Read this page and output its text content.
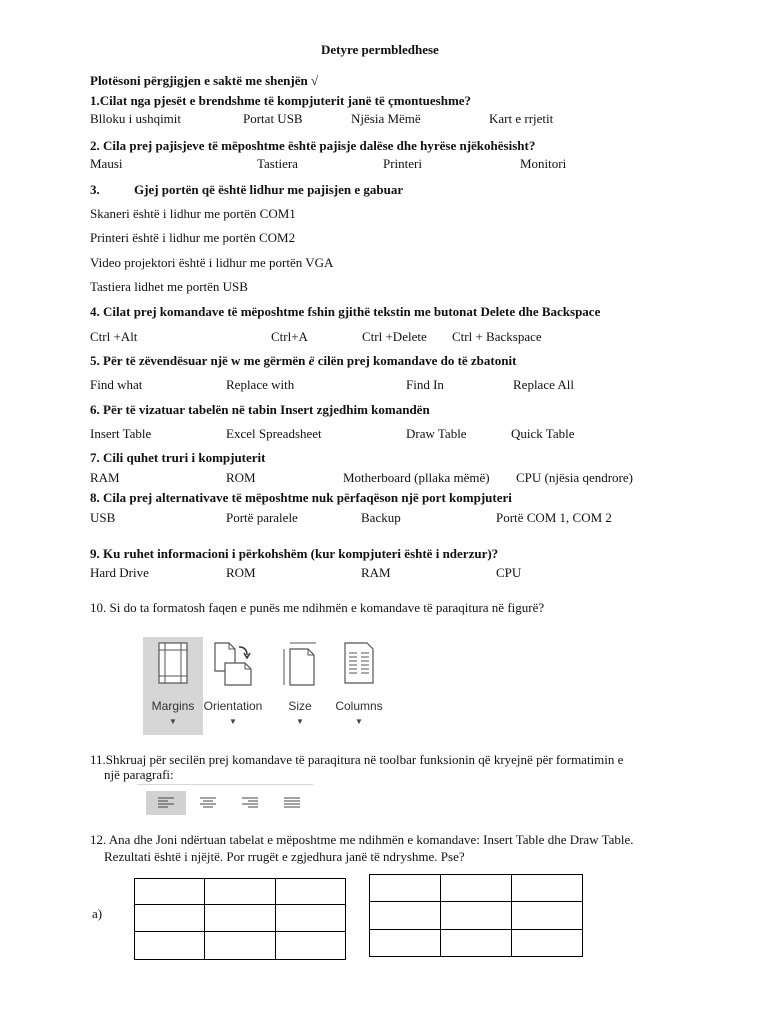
Detyre permbledhese
Plotësoni përgjigjen e saktë me shenjën √
1.Cilat nga pjesët e brendshme të kompjuterit janë të çmontueshme?
Blloku i ushqimit	Portat USB	Njësia Mëmë	Kart e rrjetit
2. Cila prej pajisjeve të mëposhtme është pajisje dalëse dhe hyrëse njëkohësisht?
Mausi	Tastiera	Printeri	Monitori
3.	Gjej portën që është lidhur me pajisjen e gabuar
Skaneri është i lidhur me portën COM1
Printeri është i lidhur me portën COM2
Video projektori është i lidhur me portën VGA
Tastiera lidhet me portën USB
4. Cilat prej komandave të mëposhtme fshin gjithë tekstin me butonat Delete dhe Backspace
Ctrl +Alt	Ctrl+A	Ctrl +Delete Ctrl + Backspace
5. Për të zëvendësuar një w me gërmën ë cilën prej komandave do të zbatonit
Find what	Replace with	Find In	Replace All
6. Për të vizatuar tabelën në tabin Insert zgjedhim komandën
Insert Table	Excel Spreadsheet	Draw Table	Quick Table
7. Cili quhet truri i kompjuterit
RAM	ROM	Motherboard (pllaka mëmë) CPU (njësia qendrore)
8. Cila prej alternativave të mëposhtme nuk përfaqëson një port kompjuteri
USB	Portë paralele	Backup	Portë COM 1, COM 2
9. Ku ruhet informacioni i përkohshëm (kur kompjuteri është i nderzur)?
Hard Drive	ROM	RAM	CPU
10. Si do ta formatosh faqen e punës me ndihmën e komandave të paraqitura në figurë?
Margins
▼
Orientation
▼
Size
▼
Columns
▼
11.Shkruaj për secilën prej komandave të paraqitura në toolbar funksionin që kryejnë për formatimin e
një paragrafi:
12. Ana dhe Joni ndërtuan tabelat e mëposhtme me ndihmën e komandave: Insert Table dhe Draw Table.
Rezultati është i njëjtë. Por rrugët e zgjedhura janë të ndryshme. Pse?
a)
